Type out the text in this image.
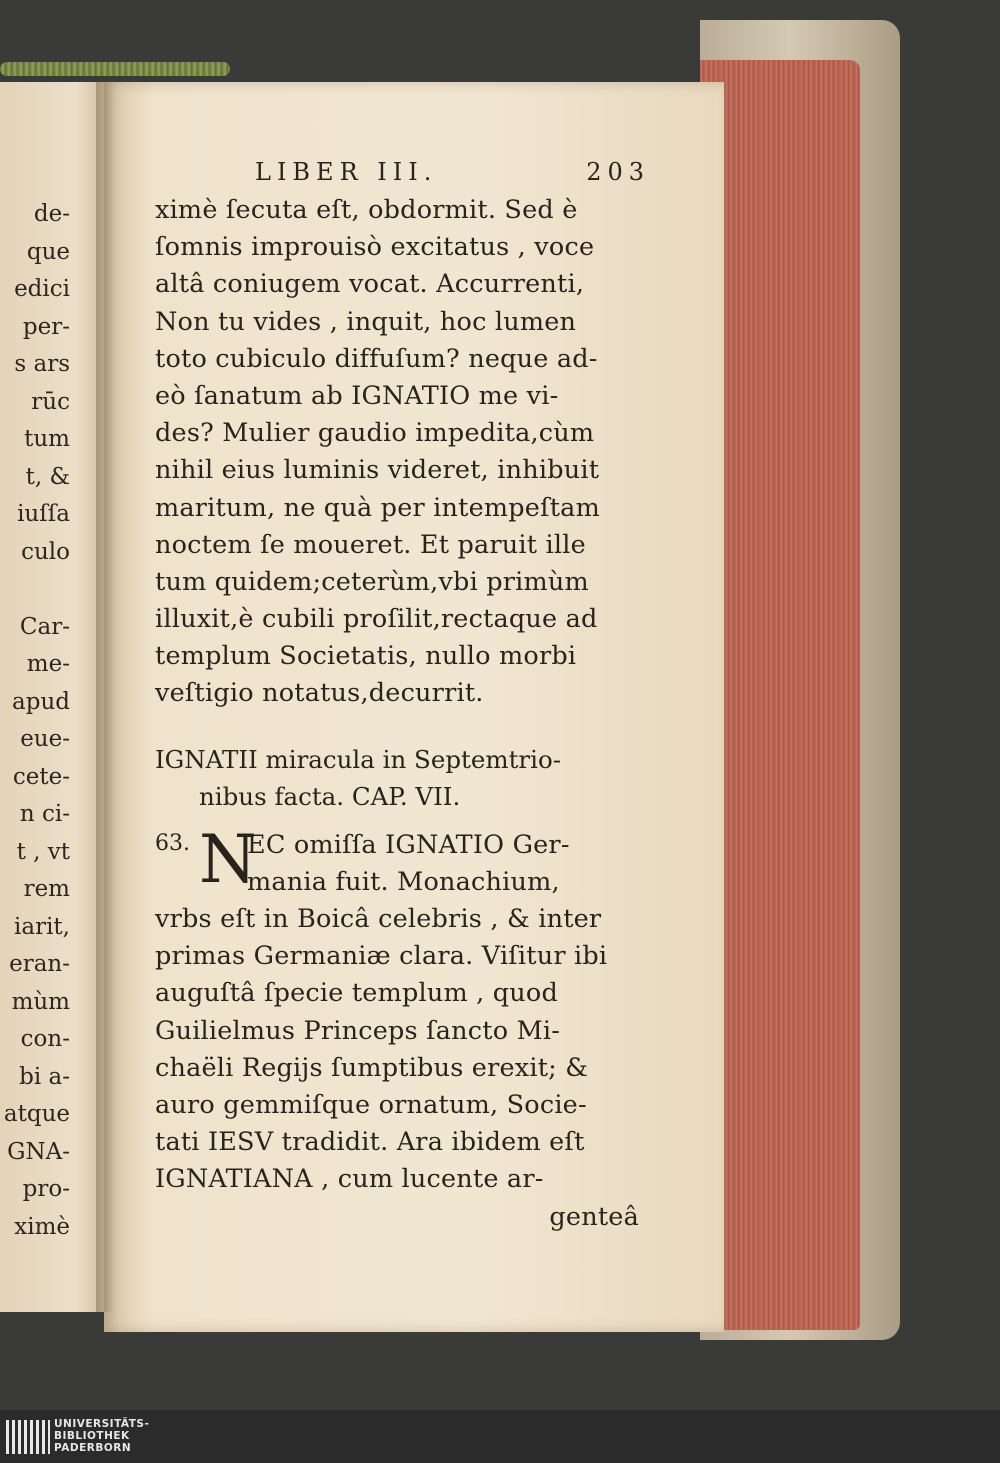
de-
que
edici
per-
s ars
rūc
tum
t, &
iuſſa
culo
Car-
me-
apud
eue-
cete-
n ci-
t , vt
rem
iarit,
eran-
mùm
con-
bi a-
atque
GNA-
pro-
ximè
LIBER III.	203
ximè ſecuta eſt, obdormit. Sed è
ſomnis improuisò excitatus , voce
altâ coniugem vocat. Accurrenti,
Non tu vides , inquit, hoc lumen
toto cubiculo diffuſum? neque ad-
eò ſanatum ab IGNATIO me vi-
des? Mulier gaudio impedita,cùm
nihil eius luminis videret, inhibuit
maritum, ne quà per intempeſtam
noctem ſe moueret. Et paruit ille
tum quidem;ceterùm,vbi primùm
illuxit,è cubili proſilit,rectaque ad
templum Societatis, nullo morbi
veſtigio notatus,decurrit.
IGNATII miracula in Septemtrio-
nibus facta. CAP. VII.
63. N
EC omiſſa IGNATIO Ger-
mania fuit. Monachium,
vrbs eſt in Boicâ celebris , & inter
primas Germaniæ clara. Viſitur ibi
auguſtâ ſpecie templum , quod
Guilielmus Princeps ſancto Mi-
chaëli Regijs ſumptibus erexit; &
auro gemmiſque ornatum, Socie-
tati IESV tradidit. Ara ibidem eſt
IGNATIANA , cum lucente ar-
genteâ
UNIVERSITÄTS-
BIBLIOTHEK
PADERBORN
